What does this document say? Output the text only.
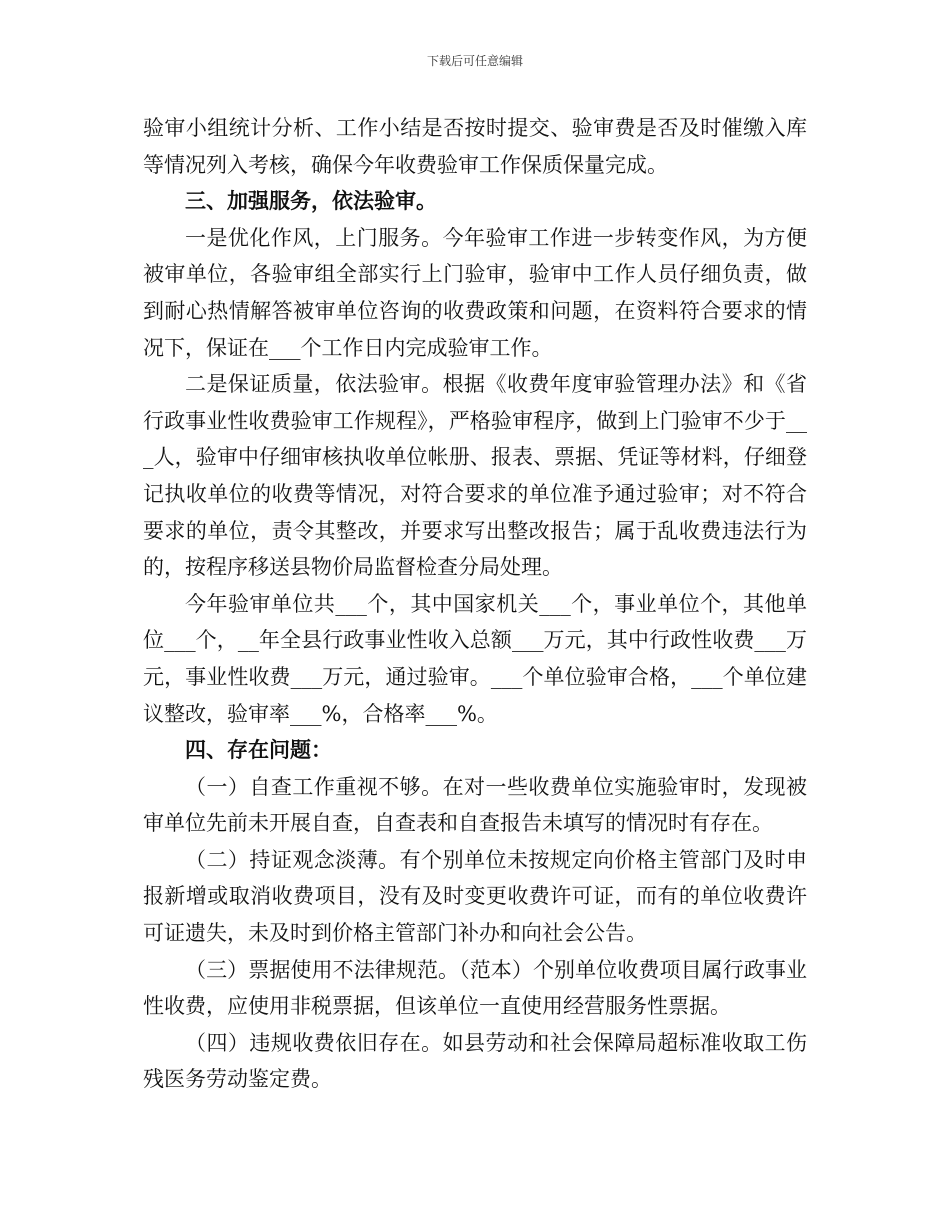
下载后可任意编辑

验审小组统计分析、工作小结是否按时提交、验审费是否及时催缴入库等情况列入考核，确保今年收费验审工作保质保量完成。

三、加强服务，依法验审。

一是优化作风，上门服务。今年验审工作进一步转变作风，为方便被审单位，各验审组全部实行上门验审，验审中工作人员仔细负责，做到耐心热情解答被审单位咨询的收费政策和问题，在资料符合要求的情况下，保证在___个工作日内完成验审工作。

二是保证质量，依法验审。根据《收费年度审验管理办法》和《省行政事业性收费验审工作规程》，严格验审程序，做到上门验审不少于___人，验审中仔细审核执收单位帐册、报表、票据、凭证等材料，仔细登记执收单位的收费等情况，对符合要求的单位准予通过验审；对不符合要求的单位，责令其整改，并要求写出整改报告；属于乱收费违法行为的，按程序移送县物价局监督检查分局处理。

今年验审单位共___个，其中国家机关___个，事业单位个，其他单位___个，__年全县行政事业性收入总额___万元，其中行政性收费___万元，事业性收费___万元，通过验审。___个单位验审合格，___个单位建议整改，验审率___%，合格率___%。

四、存在问题：

（一）自查工作重视不够。在对一些收费单位实施验审时，发现被审单位先前未开展自查，自查表和自查报告未填写的情况时有存在。

（二）持证观念淡薄。有个别单位未按规定向价格主管部门及时申报新增或取消收费项目，没有及时变更收费许可证，而有的单位收费许可证遗失，未及时到价格主管部门补办和向社会公告。

（三）票据使用不法律规范。（范本）个别单位收费项目属行政事业性收费，应使用非税票据，但该单位一直使用经营服务性票据。

（四）违规收费依旧存在。如县劳动和社会保障局超标准收取工伤残医务劳动鉴定费。
